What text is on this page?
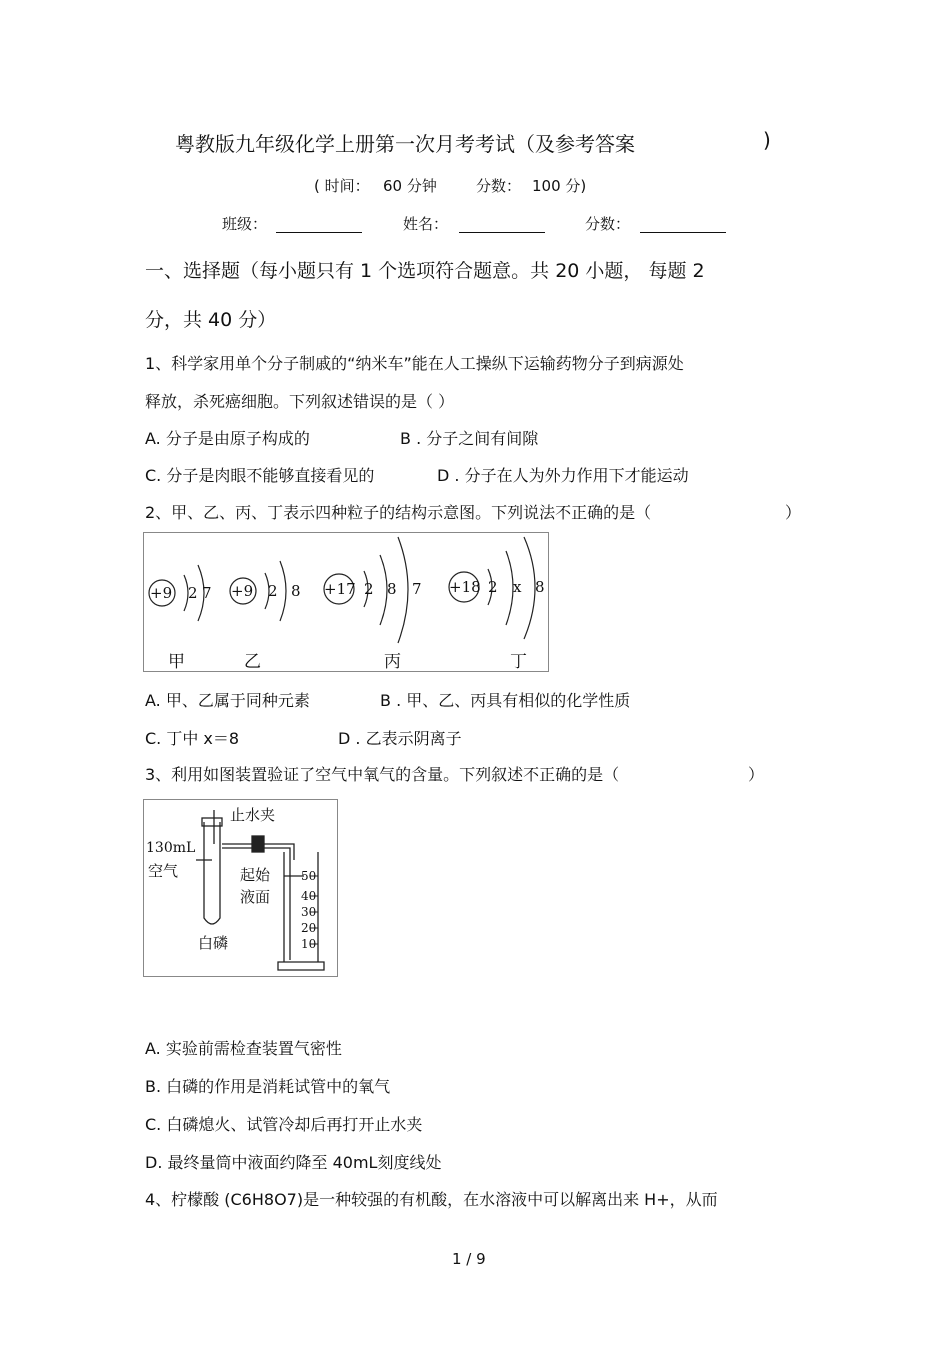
粤教版九年级化学上册第一次月考考试（及参考答案	)
( 时间： 60 分钟	分数： 100 分)
班级：	姓名：	分数：
一、选择题（每小题只有 1 个选项符合题意。共 20 小题， 每题 2
分，共 40 分）
1、科学家用单个分子制戚的“纳米车”能在人工操纵下运输药物分子到病源处
释放，杀死癌细胞。下列叙述错误的是（ ）
A. 分子是由原子构成的	B . 分子之间有间隙
C. 分子是肉眼不能够直接看见的	D . 分子在人为外力作用下才能运动
2、甲、乙、丙、丁表示四种粒子的结构示意图。下列说法不正确的是（	）
+9 2 7 +9 2 8 +17 2 8 7 +18 2 x 8
甲	乙	丙	丁
A. 甲、乙属于同种元素	B . 甲、乙、丙具有相似的化学性质
C. 丁中 x＝8	D . 乙表示阴离子
3、利用如图装置验证了空气中氧气的含量。下列叙述不正确的是（	）
50
40
30
20
10
止水夹
130mL
空气	起始
液面
白磷
A. 实验前需检查装置气密性
B. 白磷的作用是消耗试管中的氧气
C. 白磷熄火、试管冷却后再打开止水夹
D. 最终量筒中液面约降至 40mL刻度线处
4、柠檬酸 (C6H8O7)是一种较强的有机酸，在水溶液中可以解离出来 H+，从而
1 / 9
